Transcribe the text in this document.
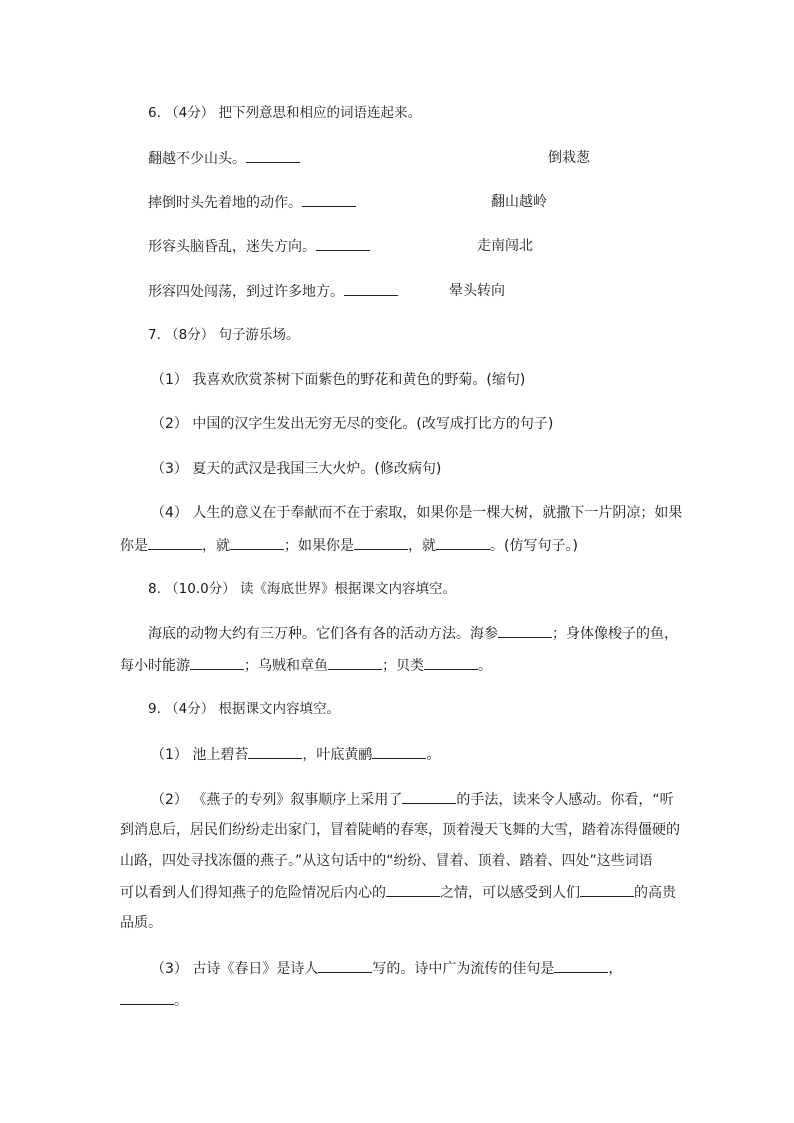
6. （4分） 把下列意思和相应的词语连起来。
翻越不少山头。	倒栽葱
摔倒时头先着地的动作。	翻山越岭
形容头脑昏乱，迷失方向。	走南闯北
形容四处闯荡，到过许多地方。	晕头转向
7. （8分） 句子游乐场。
（1） 我喜欢欣赏茶树下面紫色的野花和黄色的野菊。(缩句)
（2） 中国的汉字生发出无穷无尽的变化。(改写成打比方的句子)
（3） 夏天的武汉是我国三大火炉。(修改病句)
（4） 人生的意义在于奉献而不在于索取，如果你是一棵大树，就撒下一片阴凉；如果
你是	，就	；如果你是	，就	。(仿写句子。)
8. （10.0分） 读《海底世界》根据课文内容填空。
海底的动物大约有三万种。它们各有各的活动方法。海参	；身体像梭子的鱼，
每小时能游	；乌贼和章鱼	；贝类	。
9. （4分） 根据课文内容填空。
（1） 池上碧苔	，叶底黄鹂	。
（2） 《燕子的专列》叙事顺序上采用了	的手法，读来令人感动。你看，“听
到消息后，居民们纷纷走出家门，冒着陡峭的春寒，顶着漫天飞舞的大雪，踏着冻得僵硬的
山路，四处寻找冻僵的燕子。”从这句话中的“纷纷、冒着、顶着、踏着、四处”这些词语
可以看到人们得知燕子的危险情况后内心的	之情，可以感受到人们	的高贵
品质。
（3） 古诗《春日》是诗人	写的。诗中广为流传的佳句是	，
。
